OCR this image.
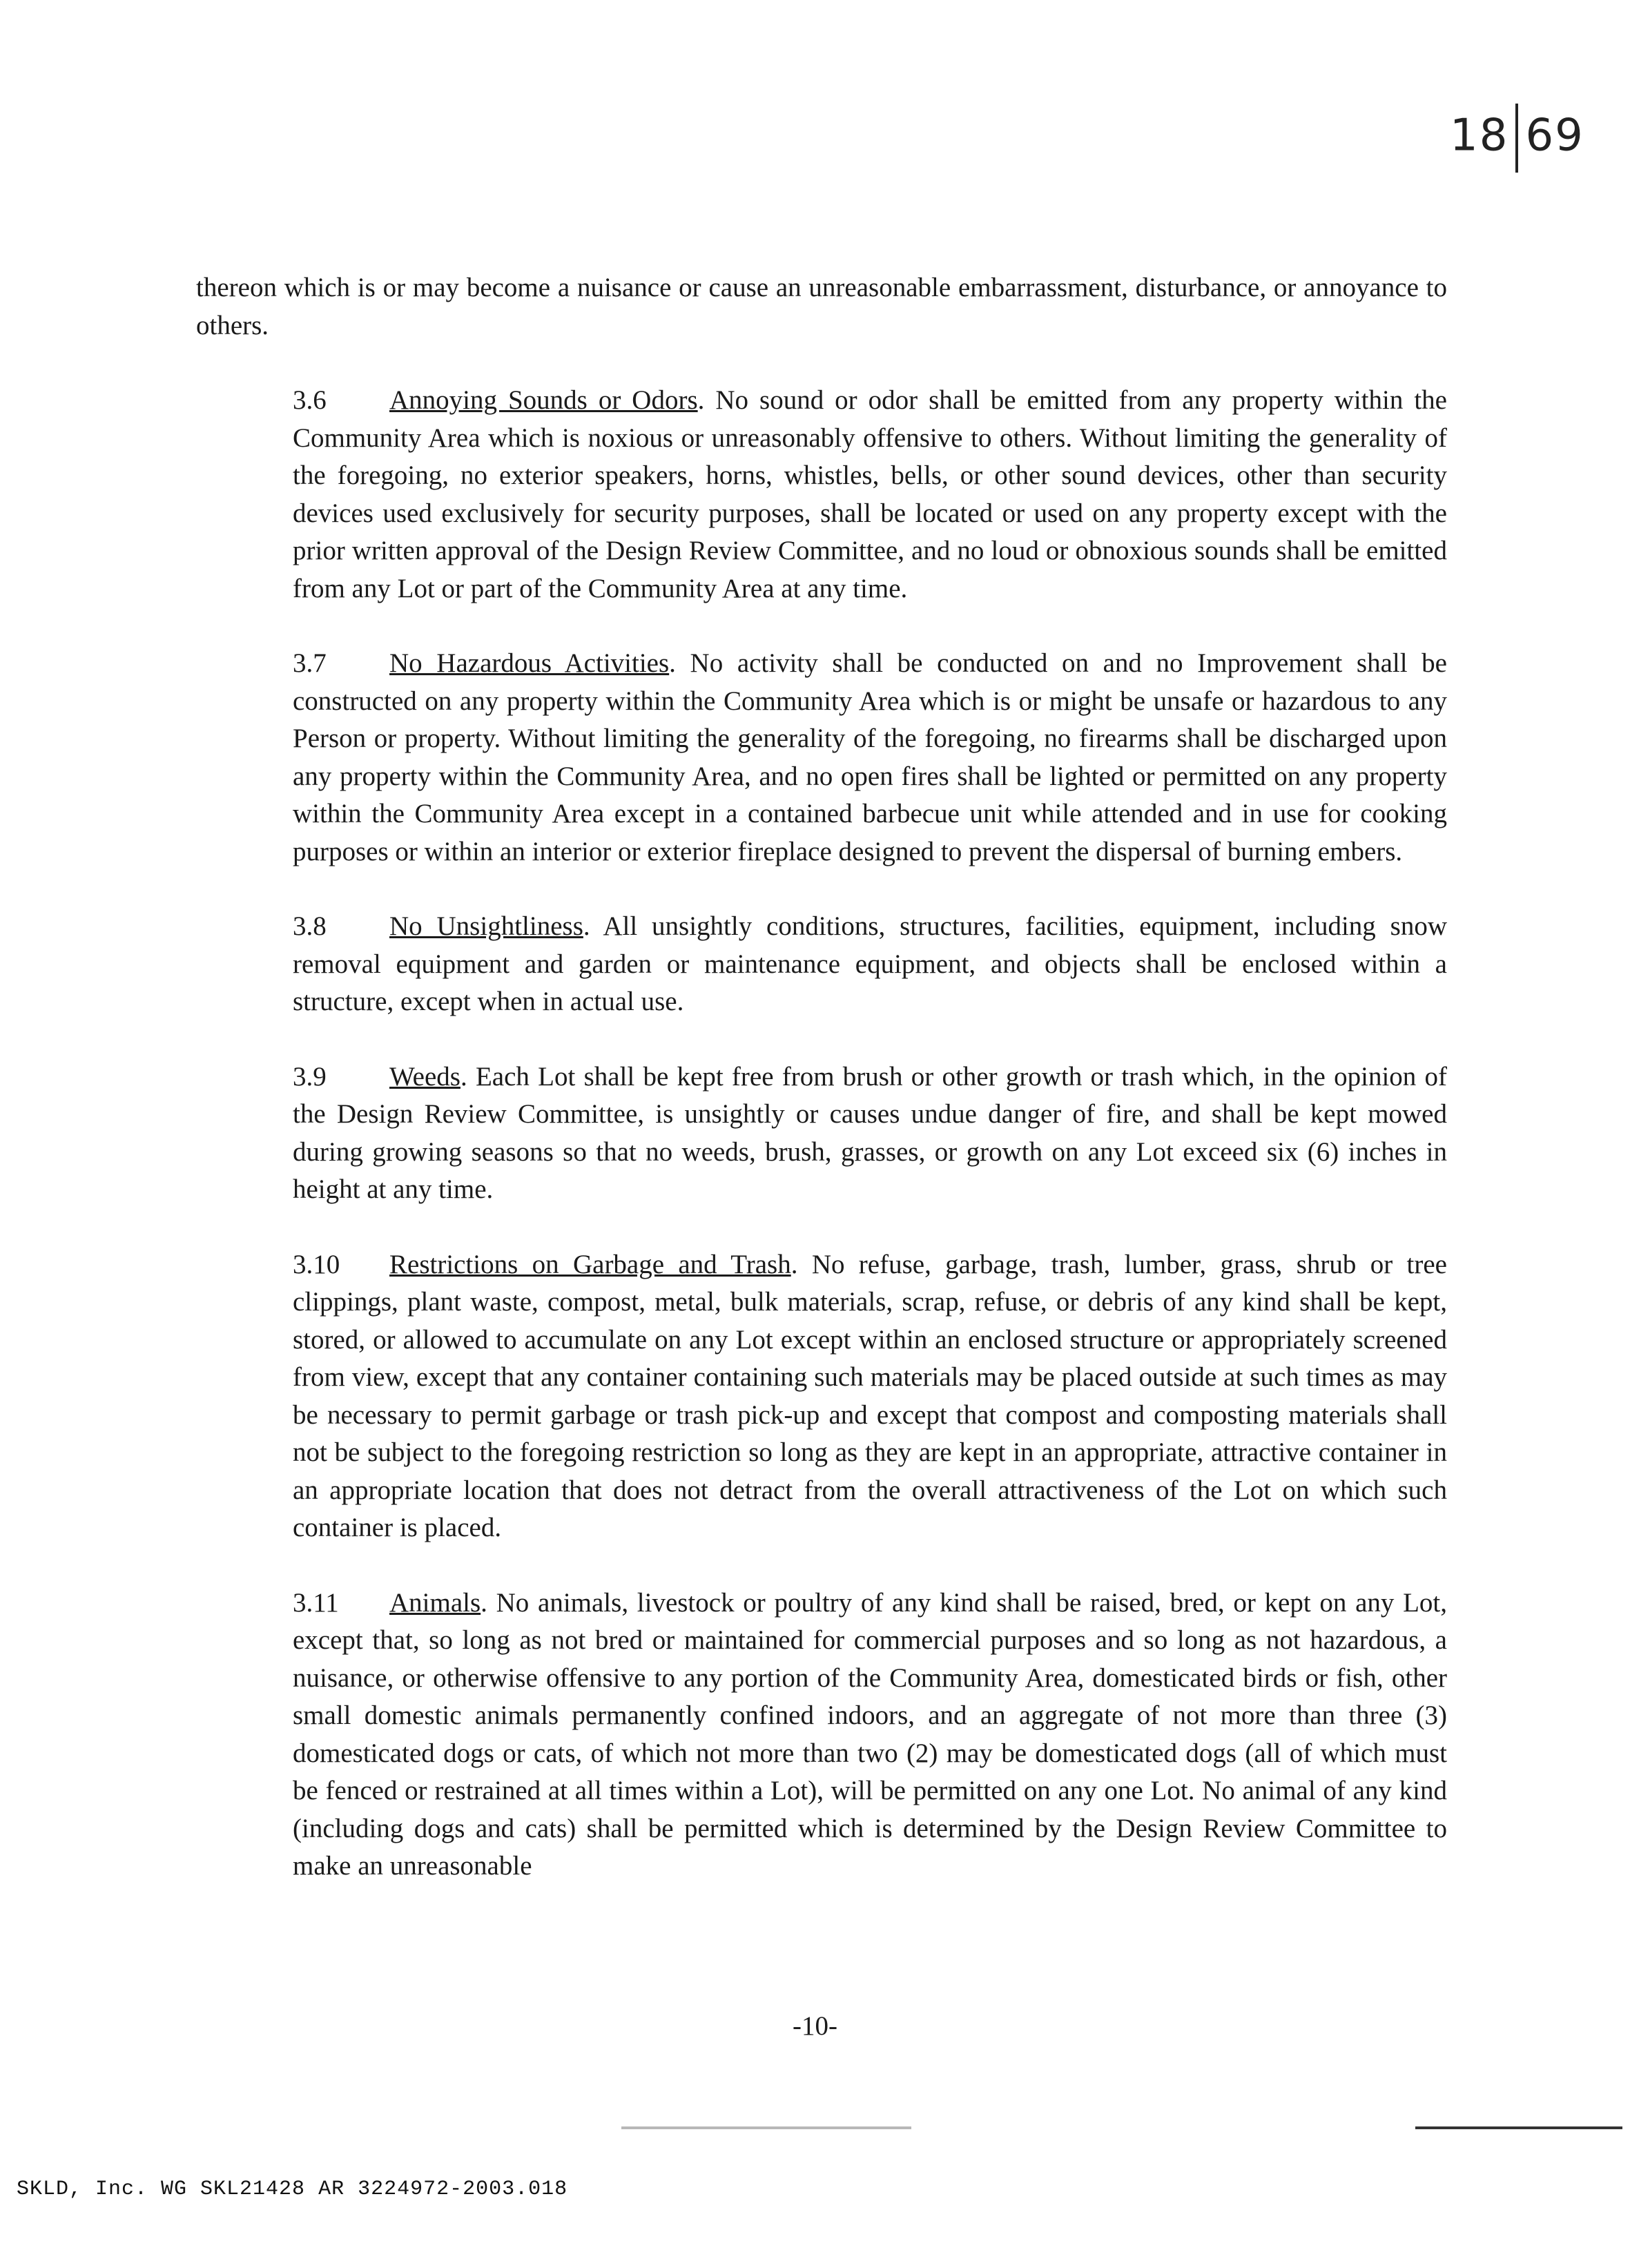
18 69

thereon which is or may become a nuisance or cause an unreasonable embarrassment, disturbance, or annoyance to others.

3.6 Annoying Sounds or Odors. No sound or odor shall be emitted from any property within the Community Area which is noxious or unreasonably offensive to others. Without limiting the generality of the foregoing, no exterior speakers, horns, whistles, bells, or other sound devices, other than security devices used exclusively for security purposes, shall be located or used on any property except with the prior written approval of the Design Review Committee, and no loud or obnoxious sounds shall be emitted from any Lot or part of the Community Area at any time.

3.7 No Hazardous Activities. No activity shall be conducted on and no Improvement shall be constructed on any property within the Community Area which is or might be unsafe or hazardous to any Person or property. Without limiting the generality of the foregoing, no firearms shall be discharged upon any property within the Community Area, and no open fires shall be lighted or permitted on any property within the Community Area except in a contained barbecue unit while attended and in use for cooking purposes or within an interior or exterior fireplace designed to prevent the dispersal of burning embers.

3.8 No Unsightliness. All unsightly conditions, structures, facilities, equipment, including snow removal equipment and garden or maintenance equipment, and objects shall be enclosed within a structure, except when in actual use.

3.9 Weeds. Each Lot shall be kept free from brush or other growth or trash which, in the opinion of the Design Review Committee, is unsightly or causes undue danger of fire, and shall be kept mowed during growing seasons so that no weeds, brush, grasses, or growth on any Lot exceed six (6) inches in height at any time.

3.10 Restrictions on Garbage and Trash. No refuse, garbage, trash, lumber, grass, shrub or tree clippings, plant waste, compost, metal, bulk materials, scrap, refuse, or debris of any kind shall be kept, stored, or allowed to accumulate on any Lot except within an enclosed structure or appropriately screened from view, except that any container containing such materials may be placed outside at such times as may be necessary to permit garbage or trash pick-up and except that compost and composting materials shall not be subject to the foregoing restriction so long as they are kept in an appropriate, attractive container in an appropriate location that does not detract from the overall attractiveness of the Lot on which such container is placed.

3.11 Animals. No animals, livestock or poultry of any kind shall be raised, bred, or kept on any Lot, except that, so long as not bred or maintained for commercial purposes and so long as not hazardous, a nuisance, or otherwise offensive to any portion of the Community Area, domesticated birds or fish, other small domestic animals permanently confined indoors, and an aggregate of not more than three (3) domesticated dogs or cats, of which not more than two (2) may be domesticated dogs (all of which must be fenced or restrained at all times within a Lot), will be permitted on any one Lot. No animal of any kind (including dogs and cats) shall be permitted which is determined by the Design Review Committee to make an unreasonable

-10-
SKLD, Inc. WG SKL21428 AR 3224972-2003.018
